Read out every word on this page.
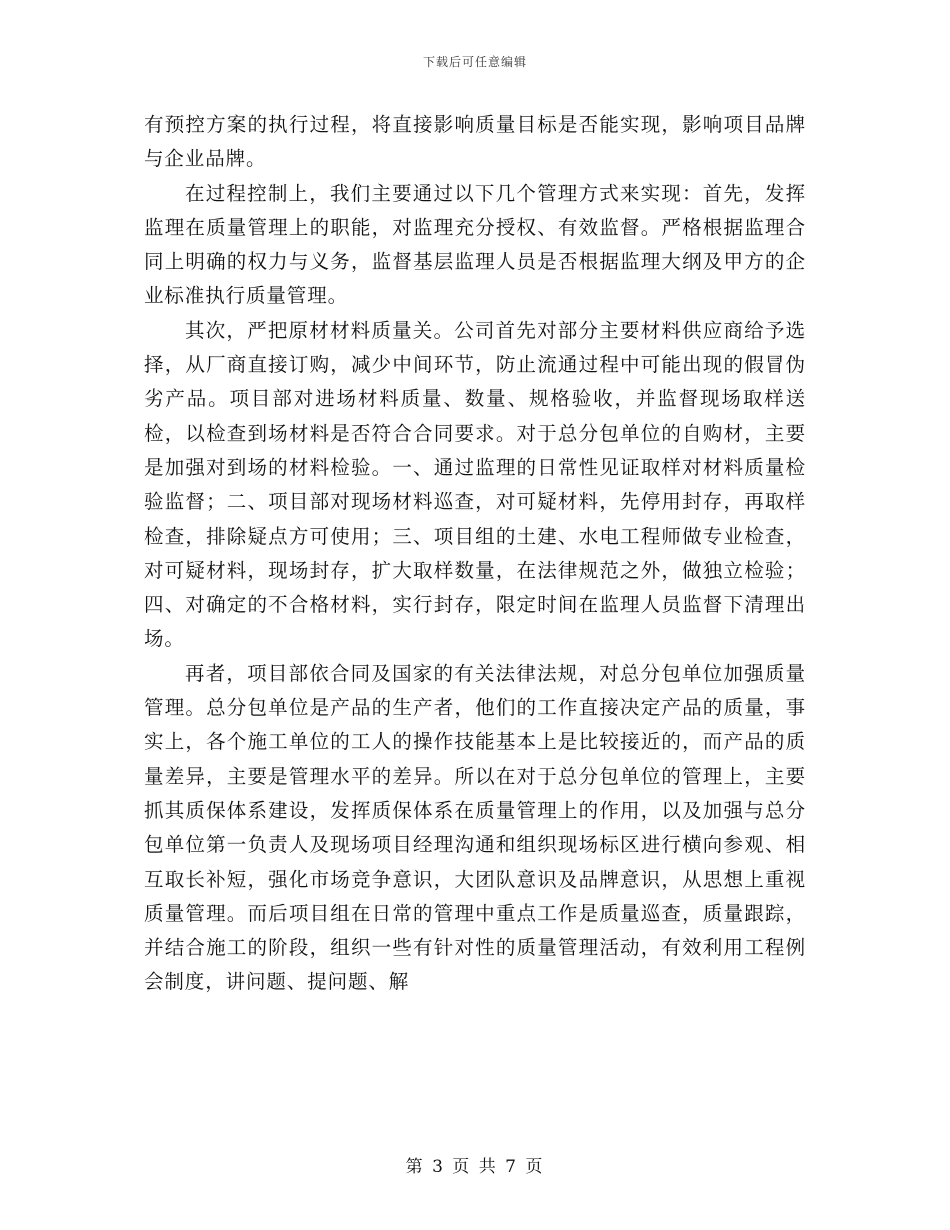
下载后可任意编辑

有预控方案的执行过程，将直接影响质量目标是否能实现，影响项目品牌与企业品牌。

在过程控制上，我们主要通过以下几个管理方式来实现：首先，发挥监理在质量管理上的职能，对监理充分授权、有效监督。严格根据监理合同上明确的权力与义务，监督基层监理人员是否根据监理大纲及甲方的企业标准执行质量管理。

其次，严把原材材料质量关。公司首先对部分主要材料供应商给予选择，从厂商直接订购，减少中间环节，防止流通过程中可能出现的假冒伪劣产品。项目部对进场材料质量、数量、规格验收，并监督现场取样送检，以检查到场材料是否符合合同要求。对于总分包单位的自购材，主要是加强对到场的材料检验。一、通过监理的日常性见证取样对材料质量检验监督；二、项目部对现场材料巡查，对可疑材料，先停用封存，再取样检查，排除疑点方可使用；三、项目组的土建、水电工程师做专业检查，对可疑材料，现场封存，扩大取样数量，在法律规范之外，做独立检验；四、对确定的不合格材料，实行封存，限定时间在监理人员监督下清理出场。

再者，项目部依合同及国家的有关法律法规，对总分包单位加强质量管理。总分包单位是产品的生产者，他们的工作直接决定产品的质量，事实上，各个施工单位的工人的操作技能基本上是比较接近的，而产品的质量差异，主要是管理水平的差异。所以在对于总分包单位的管理上，主要抓其质保体系建设，发挥质保体系在质量管理上的作用，以及加强与总分包单位第一负责人及现场项目经理沟通和组织现场标区进行横向参观、相互取长补短，强化市场竞争意识，大团队意识及品牌意识，从思想上重视质量管理。而后项目组在日常的管理中重点工作是质量巡查，质量跟踪，并结合施工的阶段，组织一些有针对性的质量管理活动，有效利用工程例会制度，讲问题、提问题、解

第 3 页 共 7 页
